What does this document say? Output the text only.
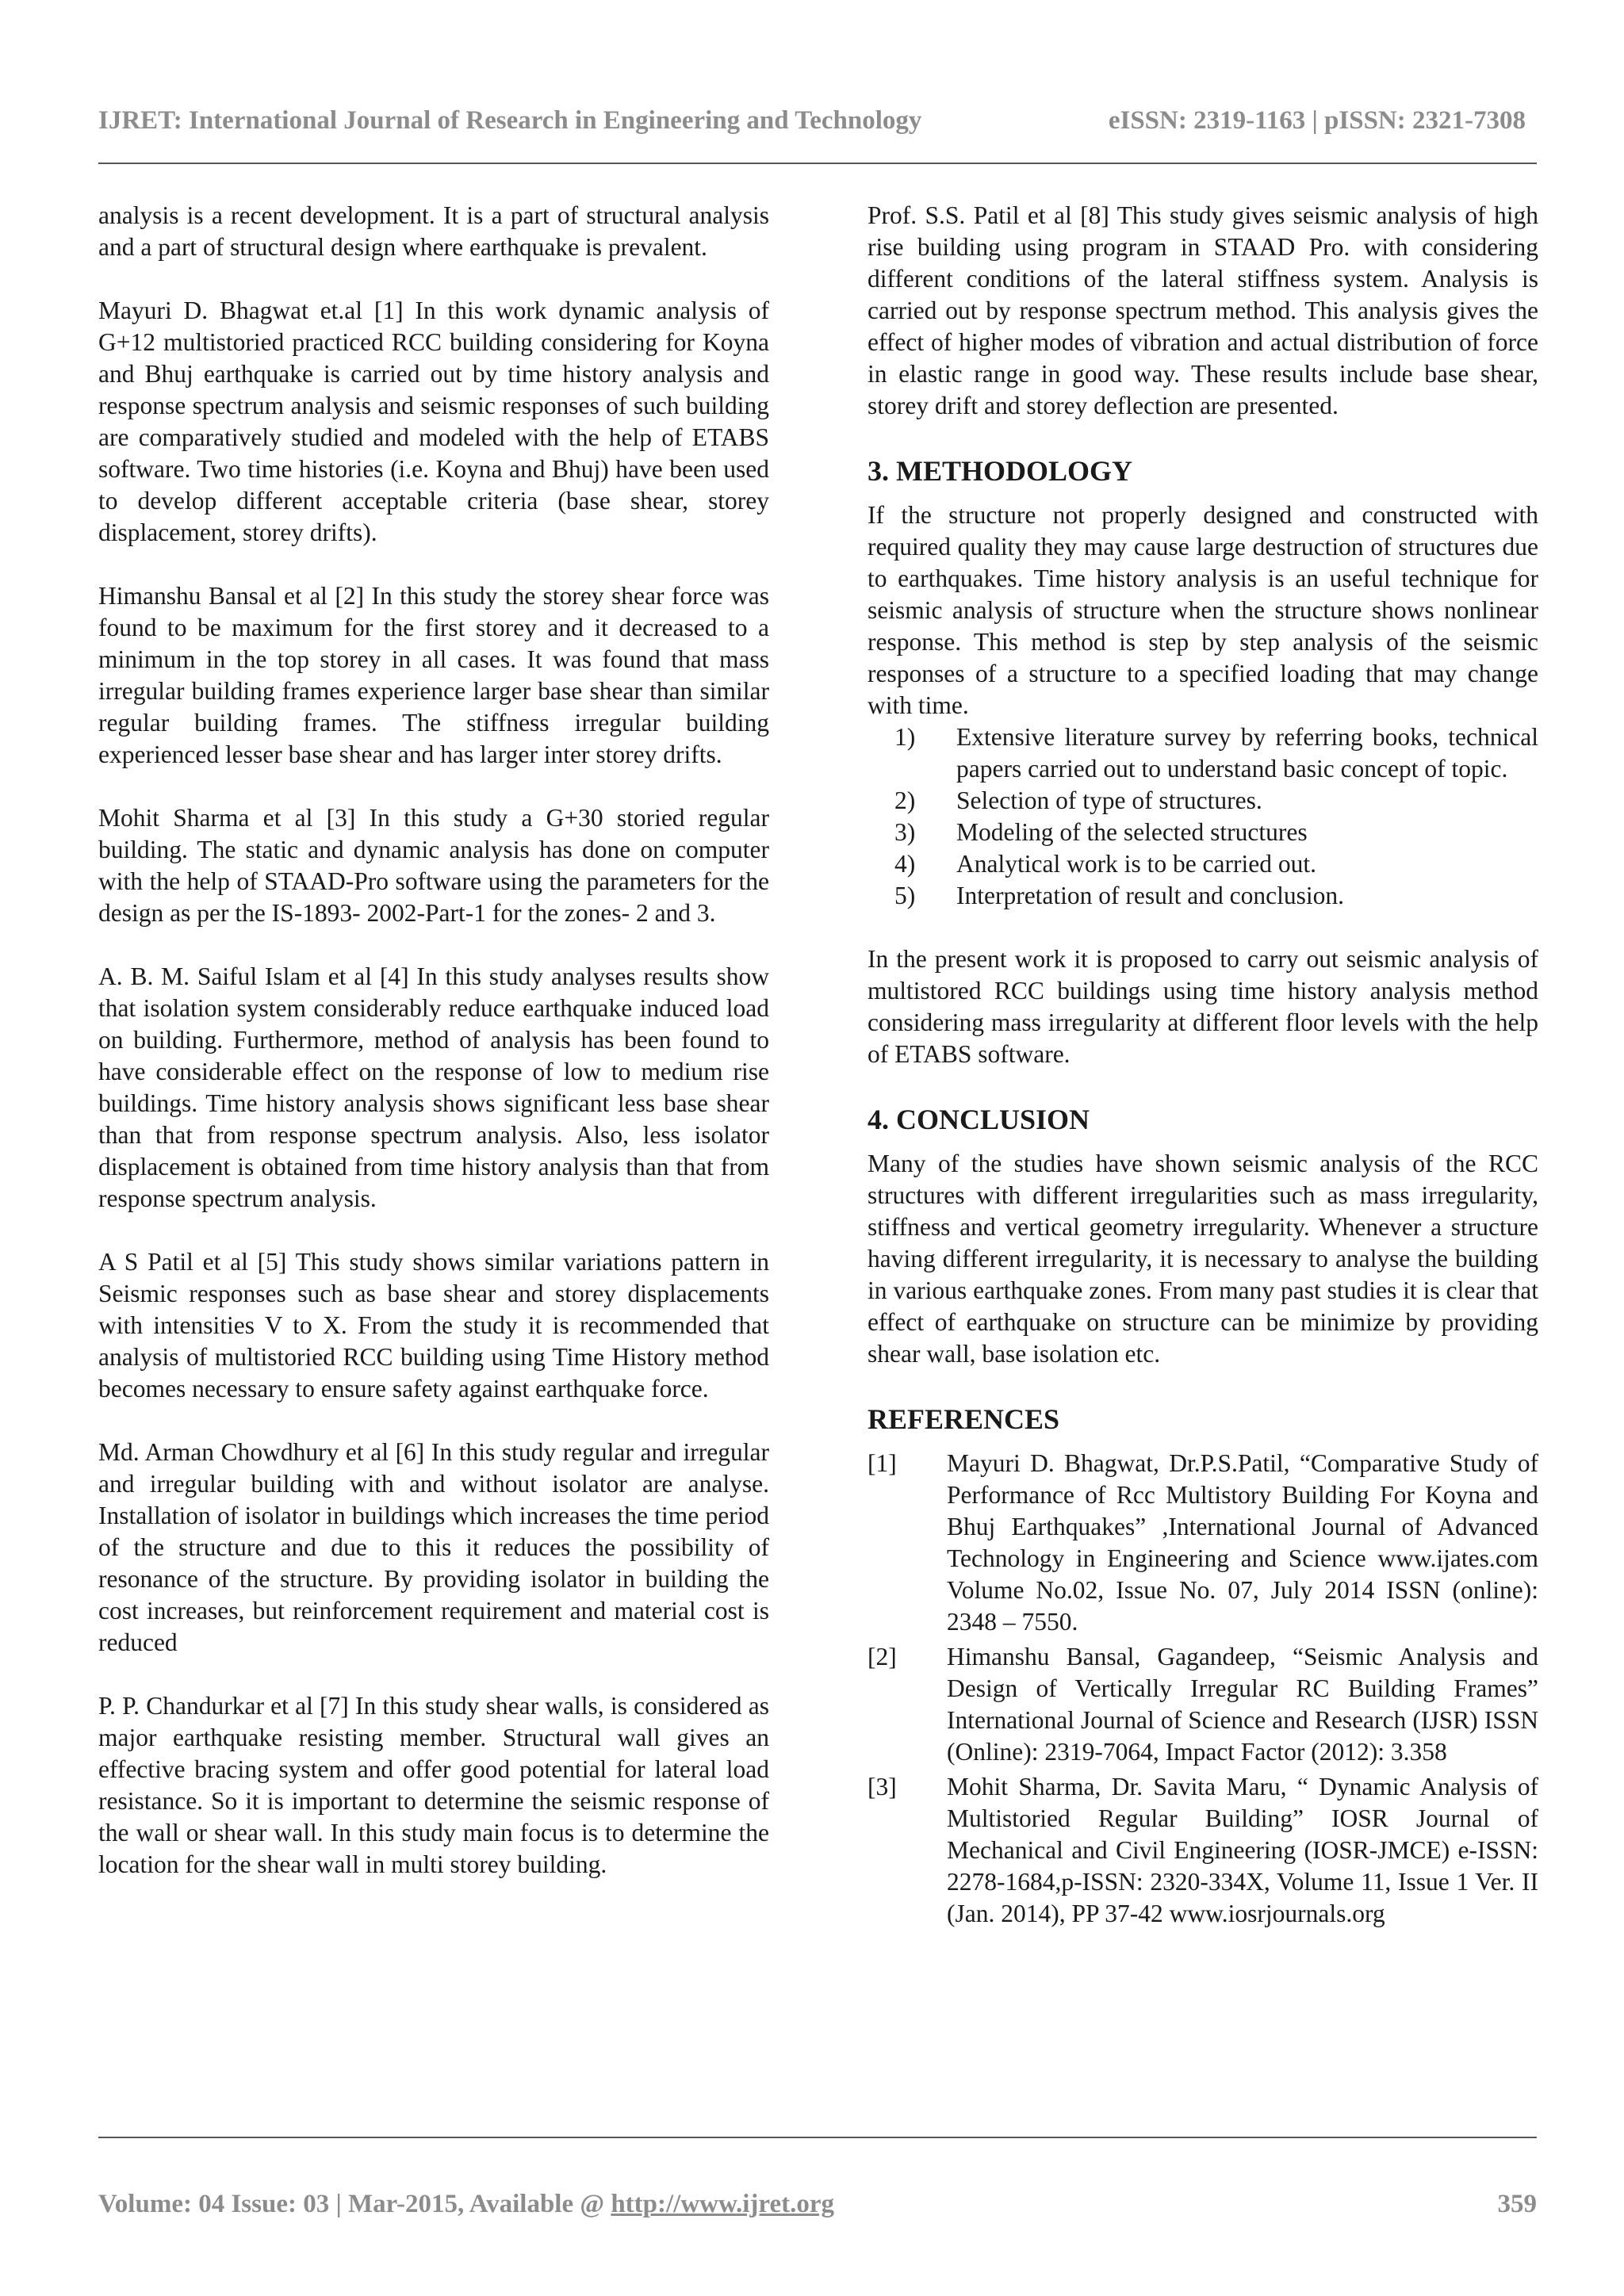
IJRET: International Journal of Research in Engineering and Technology	eISSN: 2319-1163 | pISSN: 2321-7308

analysis is a recent development. It is a part of structural analysis and a part of structural design where earthquake is prevalent.

Mayuri D. Bhagwat et.al [1] In this work dynamic analysis of G+12 multistoried practiced RCC building considering for Koyna and Bhuj earthquake is carried out by time history analysis and response spectrum analysis and seismic responses of such building are comparatively studied and modeled with the help of ETABS software. Two time histories (i.e. Koyna and Bhuj) have been used to develop different acceptable criteria (base shear, storey displacement, storey drifts).

Himanshu Bansal et al [2] In this study the storey shear force was found to be maximum for the first storey and it decreased to a minimum in the top storey in all cases. It was found that mass irregular building frames experience larger base shear than similar regular building frames. The stiffness irregular building experienced lesser base shear and has larger inter storey drifts.

Mohit Sharma et al [3] In this study a G+30 storied regular building. The static and dynamic analysis has done on computer with the help of STAAD-Pro software using the parameters for the design as per the IS-1893- 2002-Part-1 for the zones- 2 and 3.

A. B. M. Saiful Islam et al [4] In this study analyses results show that isolation system considerably reduce earthquake induced load on building. Furthermore, method of analysis has been found to have considerable effect on the response of low to medium rise buildings. Time history analysis shows significant less base shear than that from response spectrum analysis. Also, less isolator displacement is obtained from time history analysis than that from response spectrum analysis.

A S Patil et al [5] This study shows similar variations pattern in Seismic responses such as base shear and storey displacements with intensities V to X. From the study it is recommended that analysis of multistoried RCC building using Time History method becomes necessary to ensure safety against earthquake force.

Md. Arman Chowdhury et al [6] In this study regular and irregular and irregular building with and without isolator are analyse. Installation of isolator in buildings which increases the time period of the structure and due to this it reduces the possibility of resonance of the structure. By providing isolator in building the cost increases, but reinforcement requirement and material cost is reduced

P. P. Chandurkar et al [7] In this study shear walls, is considered as major earthquake resisting member. Structural wall gives an effective bracing system and offer good potential for lateral load resistance. So it is important to determine the seismic response of the wall or shear wall. In this study main focus is to determine the location for the shear wall in multi storey building.

Prof. S.S. Patil et al [8] This study gives seismic analysis of high rise building using program in STAAD Pro. with considering different conditions of the lateral stiffness system. Analysis is carried out by response spectrum method. This analysis gives the effect of higher modes of vibration and actual distribution of force in elastic range in good way. These results include base shear, storey drift and storey deflection are presented.

3. METHODOLOGY

If the structure not properly designed and constructed with required quality they may cause large destruction of structures due to earthquakes. Time history analysis is an useful technique for seismic analysis of structure when the structure shows nonlinear response. This method is step by step analysis of the seismic responses of a structure to a specified loading that may change with time.

1)	Extensive literature survey by referring books, technical papers carried out to understand basic concept of topic.
2)	Selection of type of structures.
3)	Modeling of the selected structures
4)	Analytical work is to be carried out.
5)	Interpretation of result and conclusion.

In the present work it is proposed to carry out seismic analysis of multistored RCC buildings using time history analysis method considering mass irregularity at different floor levels with the help of ETABS software.

4. CONCLUSION

Many of the studies have shown seismic analysis of the RCC structures with different irregularities such as mass irregularity, stiffness and vertical geometry irregularity. Whenever a structure having different irregularity, it is necessary to analyse the building in various earthquake zones. From many past studies it is clear that effect of earthquake on structure can be minimize by providing shear wall, base isolation etc.

REFERENCES
[1]	Mayuri D. Bhagwat, Dr.P.S.Patil, “Comparative Study of Performance of Rcc Multistory Building For Koyna and Bhuj Earthquakes” ,International Journal of Advanced Technology in Engineering and Science www.ijates.com Volume No.02, Issue No. 07, July 2014 ISSN (online): 2348 – 7550.
[2]	Himanshu Bansal, Gagandeep, “Seismic Analysis and Design of Vertically Irregular RC Building Frames” International Journal of Science and Research (IJSR) ISSN (Online): 2319-7064, Impact Factor (2012): 3.358
[3]	Mohit Sharma, Dr. Savita Maru, “ Dynamic Analysis of Multistoried Regular Building” IOSR Journal of Mechanical and Civil Engineering (IOSR-JMCE) e-ISSN: 2278-1684,p-ISSN: 2320-334X, Volume 11, Issue 1 Ver. II (Jan. 2014), PP 37-42 www.iosrjournals.org
Volume: 04 Issue: 03 | Mar-2015, Available @ http://www.ijret.org	359
